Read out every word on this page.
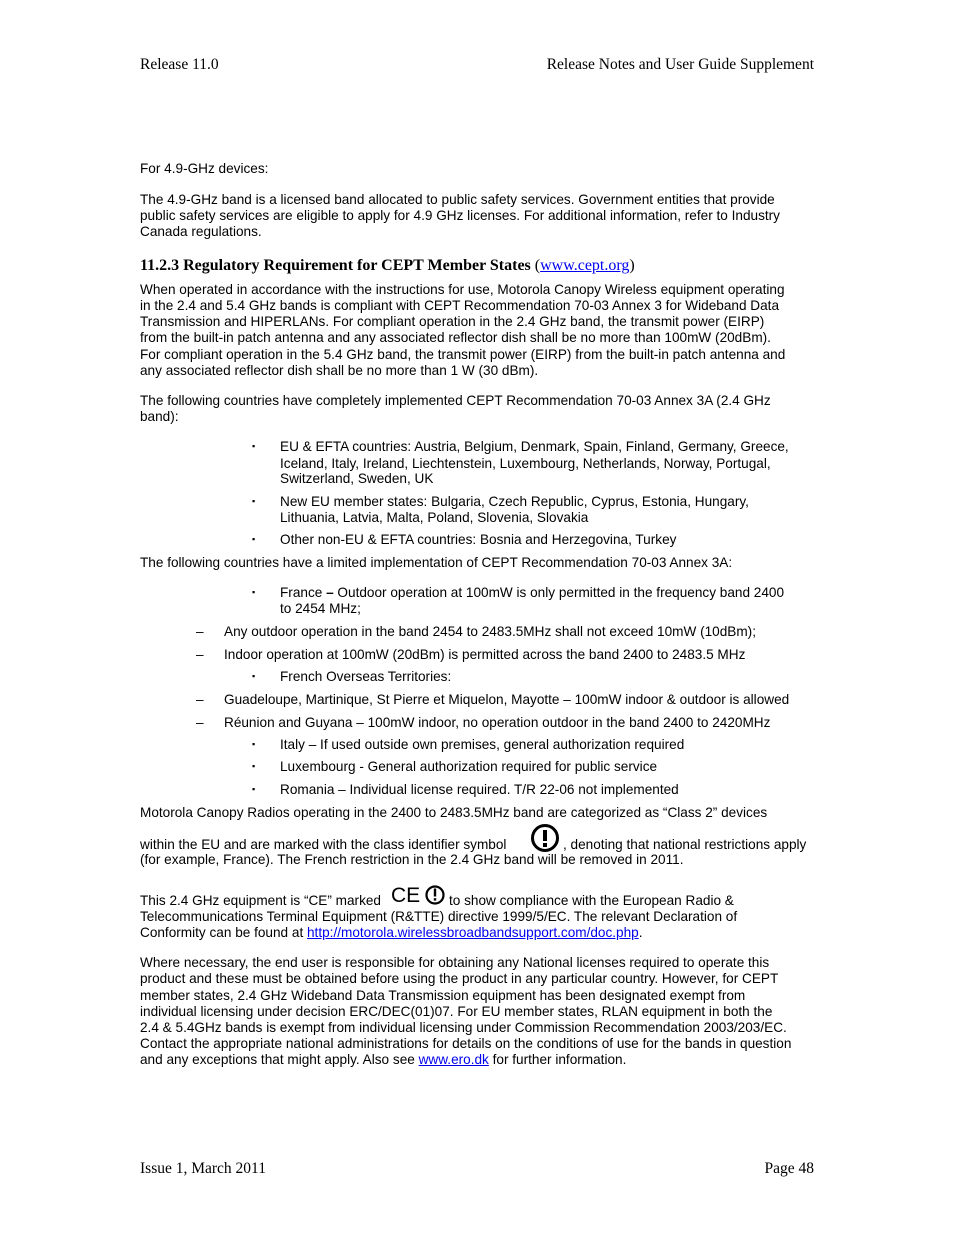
Release 11.0	Release Notes and User Guide Supplement
For 4.9-GHz devices:
The 4.9-GHz band is a licensed band allocated to public safety services. Government entities that provide
public safety services are eligible to apply for 4.9 GHz licenses. For additional information, refer to Industry
Canada regulations.
11.2.3 Regulatory Requirement for CEPT Member States (www.cept.org)
When operated in accordance with the instructions for use, Motorola Canopy Wireless equipment operating
in the 2.4 and 5.4 GHz bands is compliant with CEPT Recommendation 70-03 Annex 3 for Wideband Data
Transmission and HIPERLANs. For compliant operation in the 2.4 GHz band, the transmit power (EIRP)
from the built-in patch antenna and any associated reflector dish shall be no more than 100mW (20dBm).
For compliant operation in the 5.4 GHz band, the transmit power (EIRP) from the built-in patch antenna and
any associated reflector dish shall be no more than 1 W (30 dBm).
The following countries have completely implemented CEPT Recommendation 70-03 Annex 3A (2.4 GHz
band):
▪	EU & EFTA countries: Austria, Belgium, Denmark, Spain, Finland, Germany, Greece,
Iceland, Italy, Ireland, Liechtenstein, Luxembourg, Netherlands, Norway, Portugal,
Switzerland, Sweden, UK
▪	New EU member states: Bulgaria, Czech Republic, Cyprus, Estonia, Hungary,
Lithuania, Latvia, Malta, Poland, Slovenia, Slovakia
▪	Other non-EU & EFTA countries: Bosnia and Herzegovina, Turkey
The following countries have a limited implementation of CEPT Recommendation 70-03 Annex 3A:
▪	France – Outdoor operation at 100mW is only permitted in the frequency band 2400
to 2454 MHz;
– Any outdoor operation in the band 2454 to 2483.5MHz shall not exceed 10mW (10dBm);
– Indoor operation at 100mW (20dBm) is permitted across the band 2400 to 2483.5 MHz
▪	French Overseas Territories:
– Guadeloupe, Martinique, St Pierre et Miquelon, Mayotte – 100mW indoor & outdoor is allowed
– Réunion and Guyana – 100mW indoor, no operation outdoor in the band 2400 to 2420MHz
▪	Italy – If used outside own premises, general authorization required
▪	Luxembourg - General authorization required for public service
▪	Romania – Individual license required. T/R 22-06 not implemented
Motorola Canopy Radios operating in the 2400 to 2483.5MHz band are categorized as “Class 2” devices
within the EU and are marked with the class identifier symbol	, denoting that national restrictions apply
(for example, France). The French restriction in the 2.4 GHz band will be removed in 2011.
This 2.4 GHz equipment is “CE” marked CE to show compliance with the European Radio &
Telecommunications Terminal Equipment (R&TTE) directive 1999/5/EC. The relevant Declaration of
Conformity can be found at http://motorola.wirelessbroadbandsupport.com/doc.php.
Where necessary, the end user is responsible for obtaining any National licenses required to operate this
product and these must be obtained before using the product in any particular country. However, for CEPT
member states, 2.4 GHz Wideband Data Transmission equipment has been designated exempt from
individual licensing under decision ERC/DEC(01)07. For EU member states, RLAN equipment in both the
2.4 & 5.4GHz bands is exempt from individual licensing under Commission Recommendation 2003/203/EC.
Contact the appropriate national administrations for details on the conditions of use for the bands in question
and any exceptions that might apply. Also see www.ero.dk for further information.
Issue 1, March 2011	Page 48
